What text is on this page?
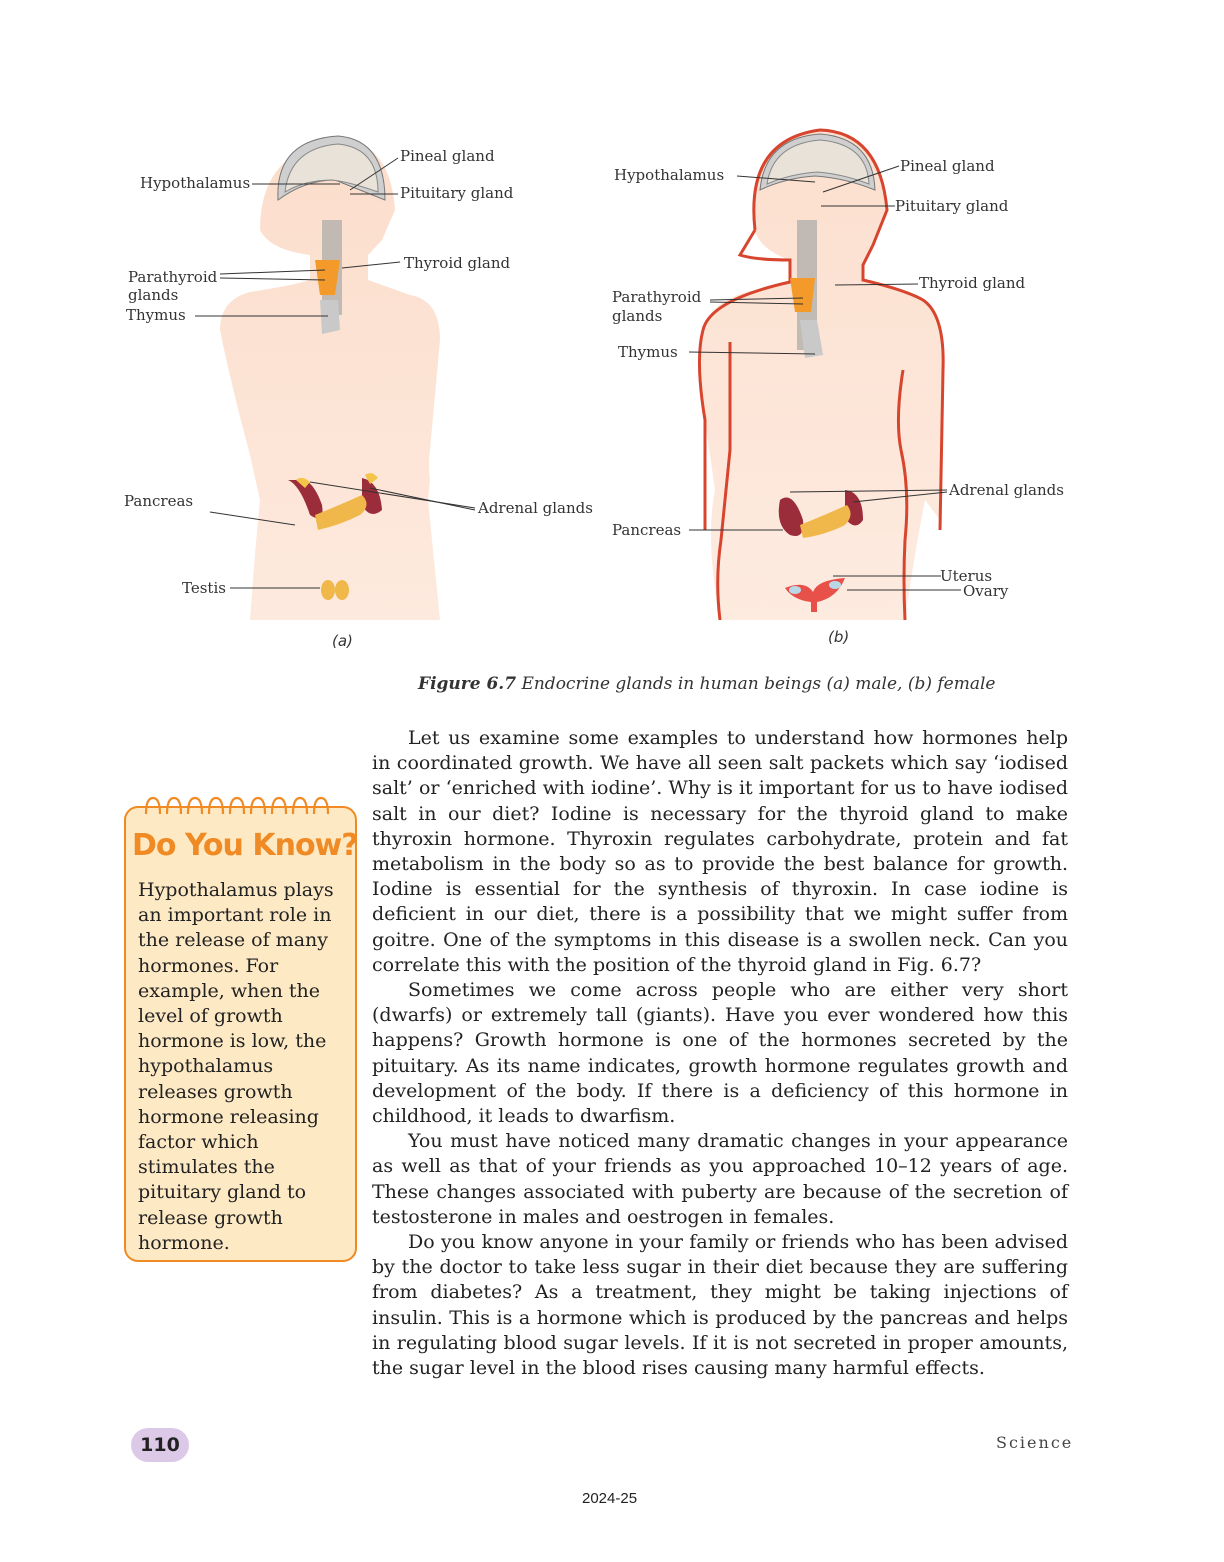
Pineal gland
Hypothalamus
Pituitary gland
Thyroid gland
Parathyroid
glands
Thymus
Pancreas	Adrenal glands
Testis
Hypothalamus	Pineal gland
Pituitary gland
Thyroid gland
Parathyroid
glands
Thymus
Adrenal glands
Pancreas
Uterus
Ovary
(a)	(b)
Figure 6.7 Endocrine glands in human beings (a) male, (b) female
Do You Know?
Hypothalamus plays an important role in the release of many hormones. For example, when the level of growth hormone is low, the hypothalamus releases growth hormone releasing factor which stimulates the pituitary gland to release growth hormone.

Let us examine some examples to understand how hormones help in coordinated growth. We have all seen salt packets which say ‘iodised salt’ or ‘enriched with iodine’. Why is it important for us to have iodised salt in our diet? Iodine is necessary for the thyroid gland to make thyroxin hormone. Thyroxin regulates carbohydrate, protein and fat metabolism in the body so as to provide the best balance for growth. Iodine is essential for the synthesis of thyroxin. In case iodine is deficient in our diet, there is a possibility that we might suffer from goitre. One of the symptoms in this disease is a swollen neck. Can you correlate this with the position of the thyroid gland in Fig. 6.7?

Sometimes we come across people who are either very short (dwarfs) or extremely tall (giants). Have you ever wondered how this happens? Growth hormone is one of the hormones secreted by the pituitary. As its name indicates, growth hormone regulates growth and development of the body. If there is a deficiency of this hormone in childhood, it leads to dwarfism.

You must have noticed many dramatic changes in your appearance as well as that of your friends as you approached 10–12 years of age. These changes associated with puberty are because of the secretion of testosterone in males and oestrogen in females.

Do you know anyone in your family or friends who has been advised by the doctor to take less sugar in their diet because they are suffering from diabetes? As a treatment, they might be taking injections of insulin. This is a hormone which is produced by the pancreas and helps in regulating blood sugar levels. If it is not secreted in proper amounts, the sugar level in the blood rises causing many harmful effects.

110	Science
2024-25
